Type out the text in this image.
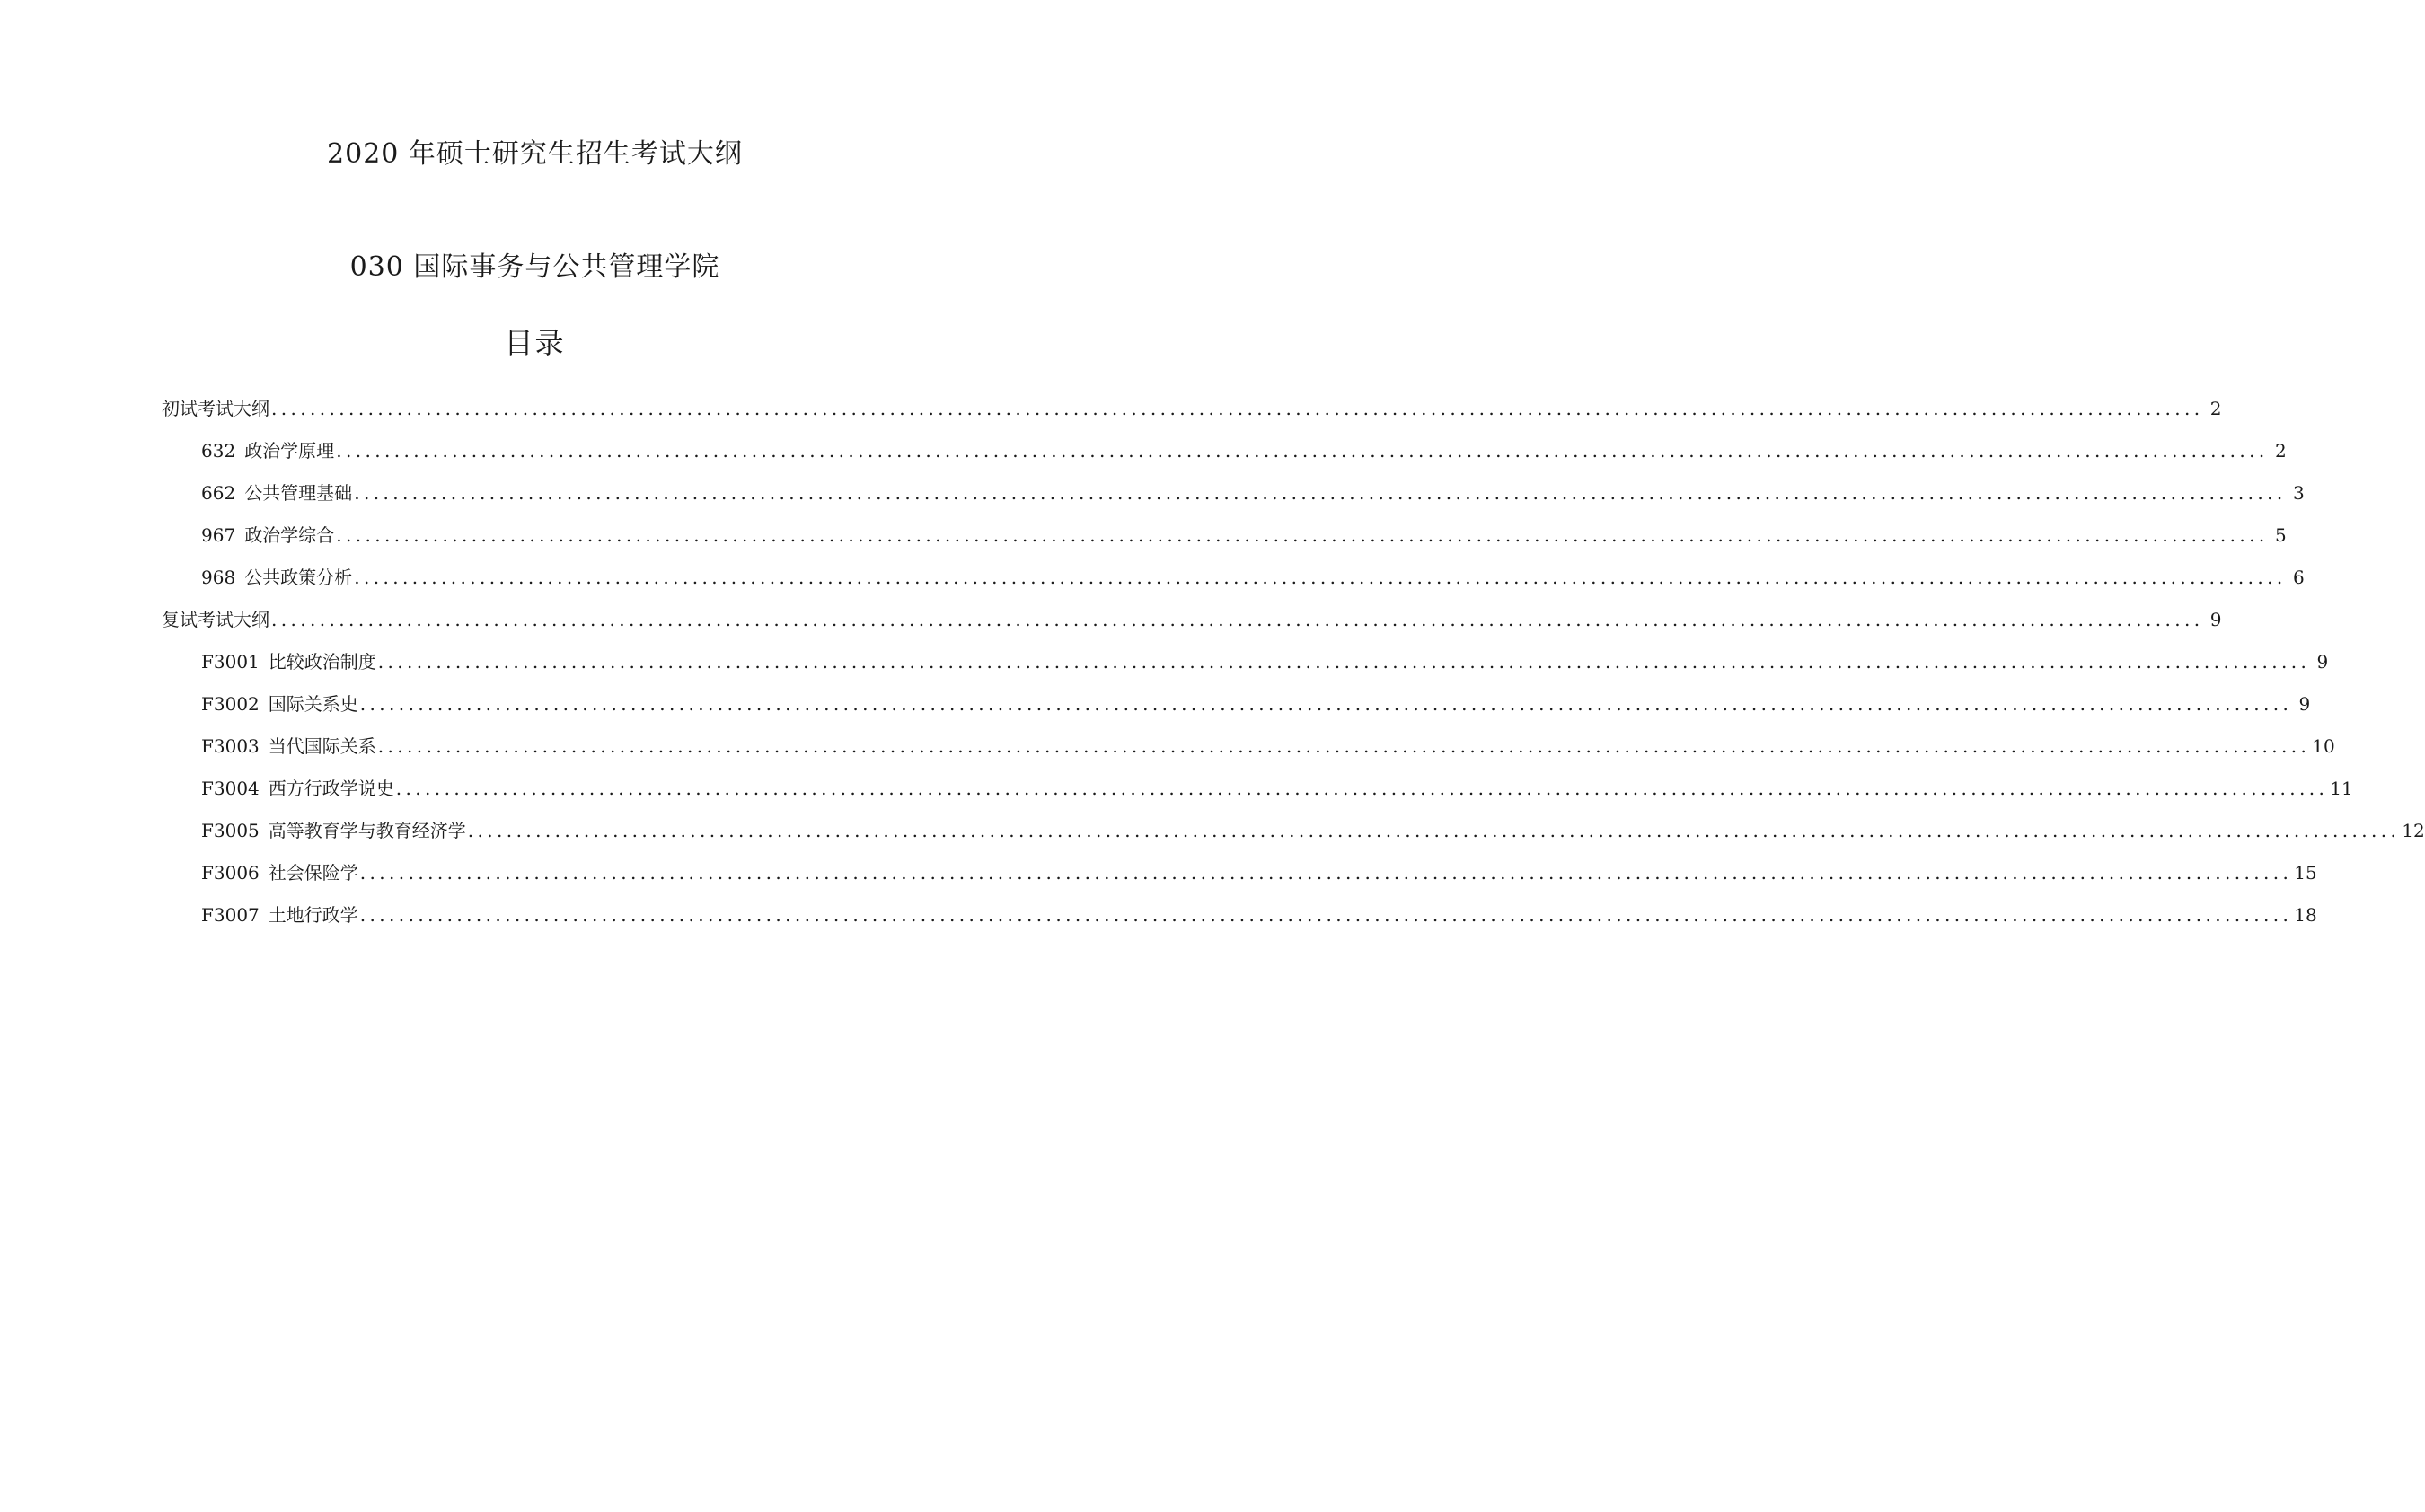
2020 年硕士研究生招生考试大纲
030 国际事务与公共管理学院
目录
初试考试大纲 ........................................................................................................................................................................................................ 2
632 政治学原理 ........................................................................................................................................................................................................ 2
662 公共管理基础 ........................................................................................................................................................................................................ 3
967 政治学综合 ........................................................................................................................................................................................................ 5
968 公共政策分析 ........................................................................................................................................................................................................ 6
复试考试大纲 ........................................................................................................................................................................................................ 9
F3001 比较政治制度 ........................................................................................................................................................................................................ 9
F3002 国际关系史 ........................................................................................................................................................................................................ 9
F3003 当代国际关系 ........................................................................................................................................................................................................ 10
F3004 西方行政学说史 ........................................................................................................................................................................................................ 11
F3005 高等教育学与教育经济学 ........................................................................................................................................................................................................ 12
F3006 社会保险学 ........................................................................................................................................................................................................ 15
F3007 土地行政学 ........................................................................................................................................................................................................ 18
